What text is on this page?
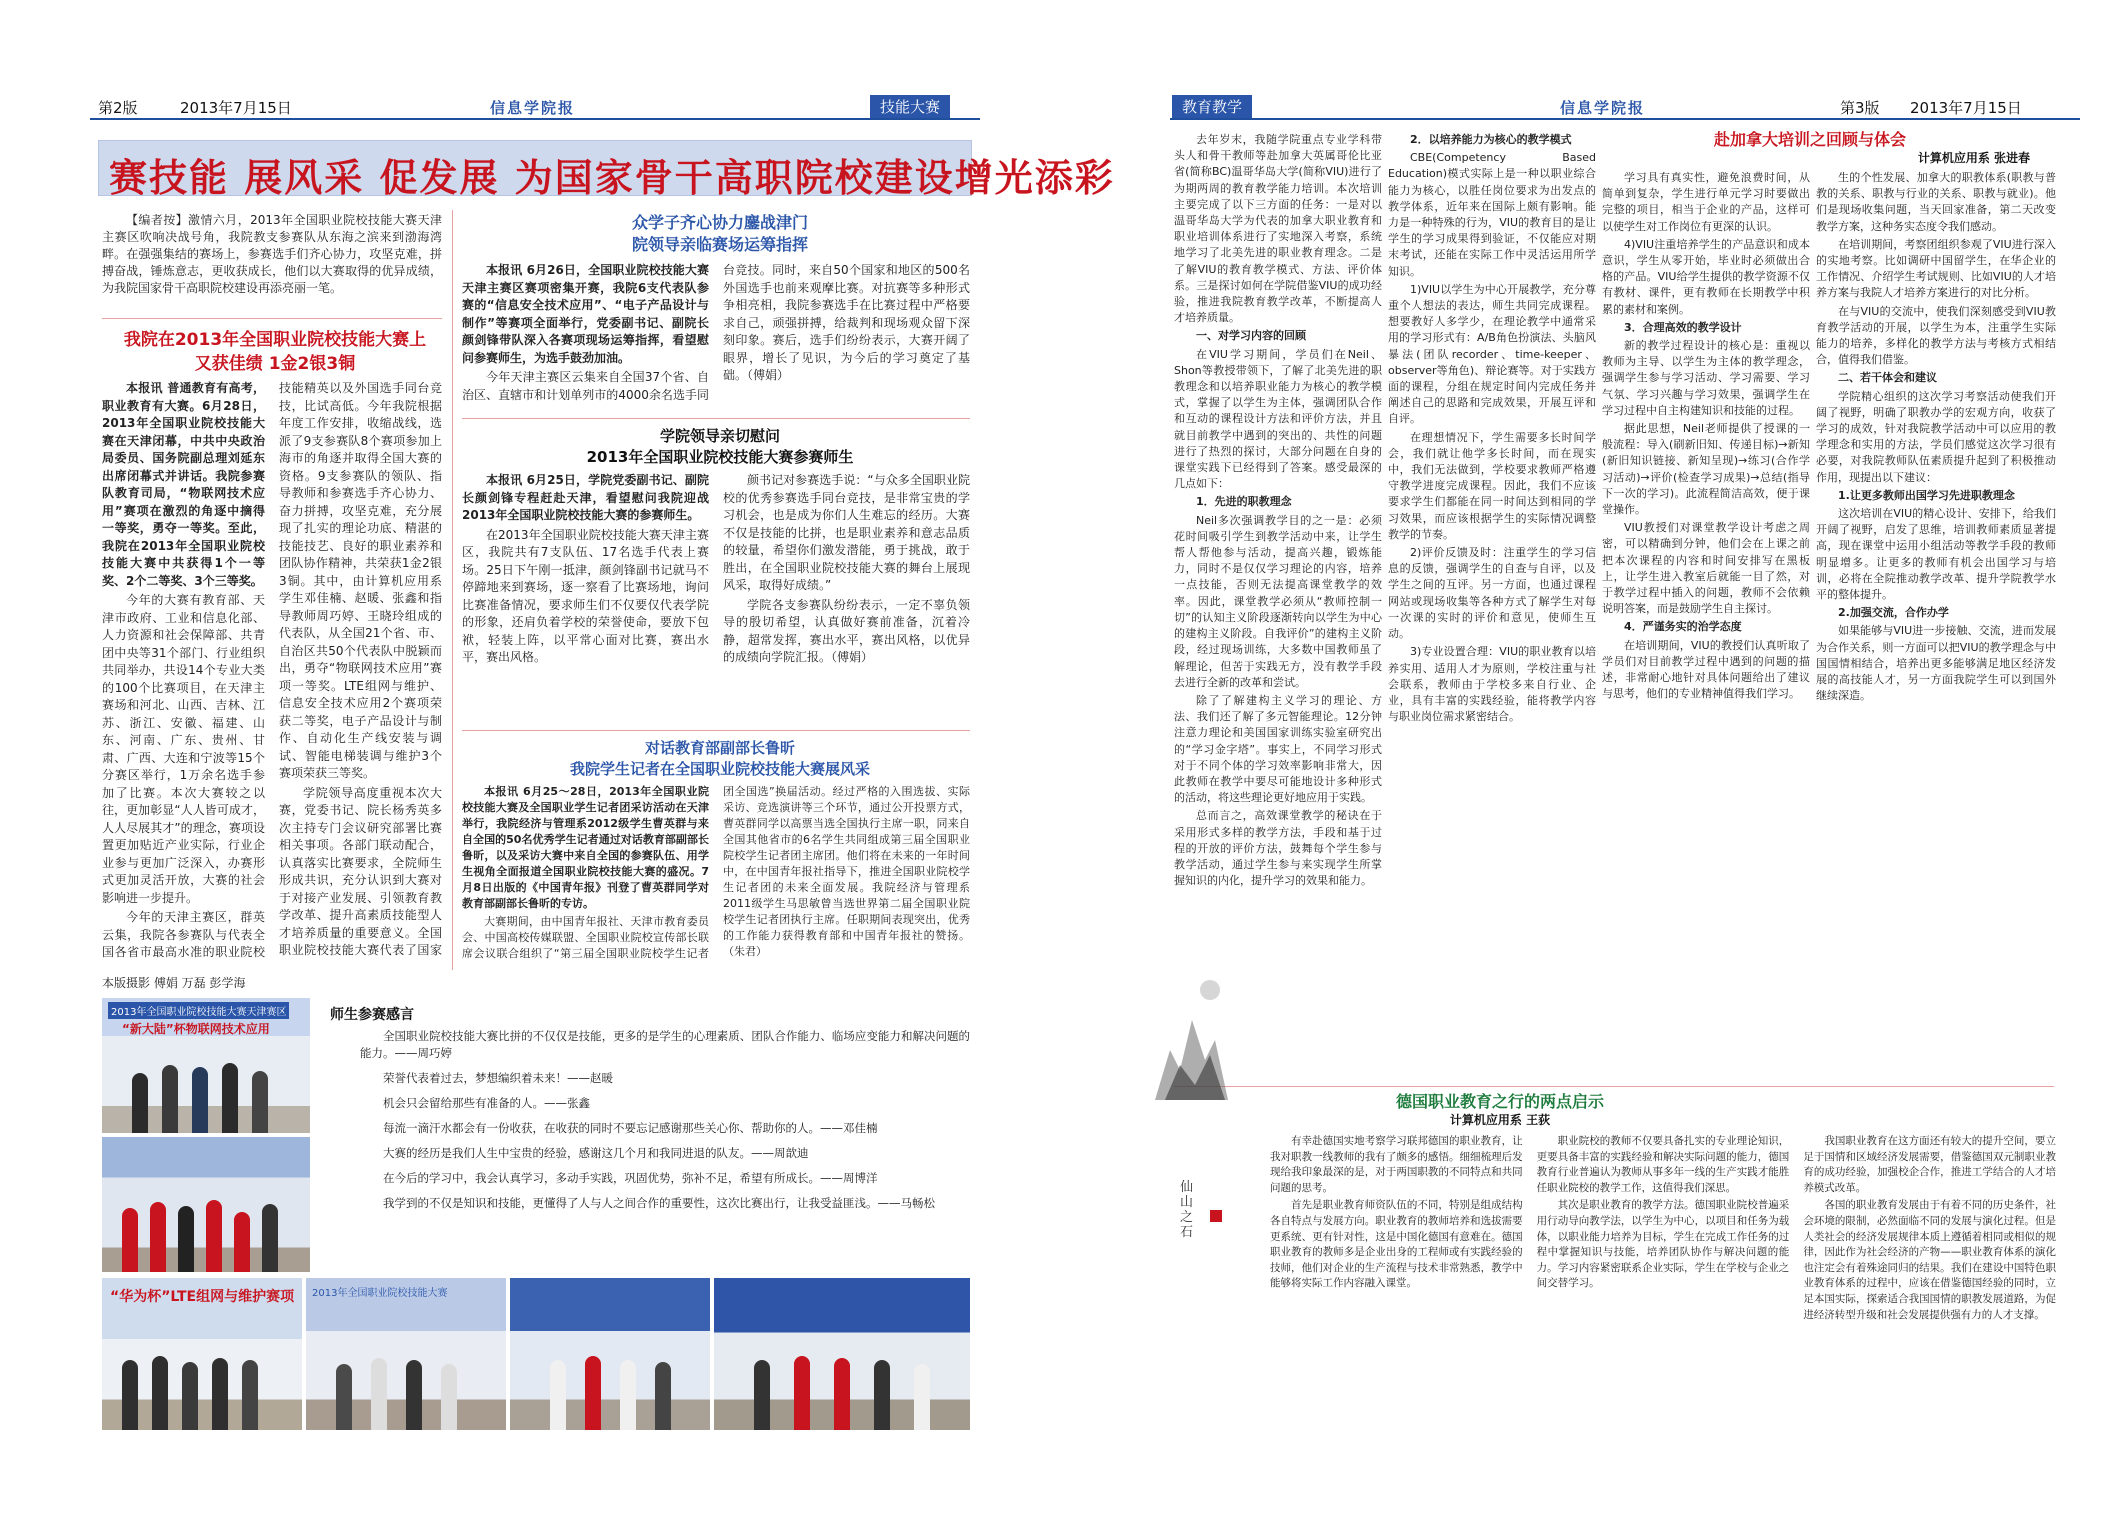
第2版	2013年7月15日	信息学院报	技能大赛
赛技能 展风采 促发展 为国家骨干高职院校建设增光添彩

【编者按】激情六月，2013年全国职业院校技能大赛天津主赛区吹响决战号角，我院教支参赛队从东海之滨来到渤海湾畔。在强强集结的赛场上，参赛选手们齐心协力，攻坚克难，拼搏奋战，锤炼意志，更收获成长，他们以大赛取得的优异成绩，为我院国家骨干高职院校建设再添亮丽一笔。

我院在2013年全国职业院校技能大赛上
又获佳绩 1金2银3铜

本报讯 普通教育有高考，职业教育有大赛。6月28日，2013年全国职业院校技能大赛在天津闭幕，中共中央政治局委员、国务院副总理刘延东出席闭幕式并讲话。我院参赛队教育司局，“物联网技术应用”赛项在激烈的角逐中摘得一等奖，勇夺一等奖。至此，我院在2013年全国职业院校技能大赛中共获得1个一等奖、2个二等奖、3个三等奖。

今年的大赛有教育部、天津市政府、工业和信息化部、人力资源和社会保障部、共青团中央等31个部门、行业组织共同举办，共设14个专业大类的100个比赛项目，在天津主赛场和河北、山西、吉林、江苏、浙江、安徽、福建、山东、河南、广东、贵州、甘肃、广西、大连和宁波等15个分赛区举行，1万余名选手参加了比赛。本次大赛较之以往，更加彰显“人人皆可成才，人人尽展其才”的理念，赛项设置更加贴近产业实际，行业企业参与更加广泛深入，办赛形式更加灵活开放，大赛的社会影响进一步提升。

今年的天津主赛区，群英云集，我院各参赛队与代表全国各省市最高水准的职业院校技能精英以及外国选手同台竞技，比试高低。今年我院根据年度工作安排，收缩战线，选派了9支参赛队8个赛项参加上海市的角逐并取得全国大赛的资格。9支参赛队的领队、指导教师和参赛选手齐心协力、奋力拼搏，攻坚克难，充分展现了扎实的理论功底、精湛的技能技艺、良好的职业素养和团队协作精神，共荣获1金2银3铜。其中，由计算机应用系学生邓佳楠、赵暖、张鑫和指导教师周巧婷、王晓玲组成的代表队，从全国21个省、市、自治区共50个代表队中脱颖而出，勇夺“物联网技术应用”赛项一等奖。LTE组网与维护、信息安全技术应用2个赛项荣获二等奖，电子产品设计与制作、自动化生产线安装与调试、智能电梯装调与维护3个赛项荣获三等奖。

学院领导高度重视本次大赛，党委书记、院长杨秀英多次主持专门会议研究部署比赛相关事项。各部门联动配合，认真落实比赛要求，全院师生形成共识，充分认识到大赛对于对接产业发展、引领教育教学改革、提升高素质技能型人才培养质量的重要意义。全国职业院校技能大赛代表了国家

众学子齐心协力鏖战津门
院领导亲临赛场运筹指挥

本报讯 6月26日，全国职业院校技能大赛天津主赛区赛项密集开赛，我院6支代表队参赛的“信息安全技术应用”、“电子产品设计与制作”等赛项全面举行，党委副书记、副院长颜剑锋带队深入各赛项现场运筹指挥，看望慰问参赛师生，为选手鼓劲加油。

今年天津主赛区云集来自全国37个省、自治区、直辖市和计划单列市的4000余名选手同台竞技。同时，来自50个国家和地区的500名外国选手也前来观摩比赛。对抗赛等多种形式争相亮相，我院参赛选手在比赛过程中严格要求自己，顽强拼搏，给裁判和现场观众留下深刻印象。赛后，选手们纷纷表示，大赛开阔了眼界，增长了见识，为今后的学习奠定了基础。（傅娟）

学院领导亲切慰问
2013年全国职业院校技能大赛参赛师生

本报讯 6月25日，学院党委副书记、副院长颜剑锋专程赶赴天津，看望慰问我院迎战2013年全国职业院校技能大赛的参赛师生。

在2013年全国职业院校技能大赛天津主赛区，我院共有7支队伍、17名选手代表上赛场。25日下午刚一抵津，颜剑锋副书记就马不停蹄地来到赛场，逐一察看了比赛场地，询问比赛准备情况，要求师生们不仅要仅代表学院的形象，还肩负着学校的荣誉使命，要放下包袱，轻装上阵，以平常心面对比赛，赛出水平，赛出风格。

颜书记对参赛选手说：“与众多全国职业院校的优秀参赛选手同台竞技，是非常宝贵的学习机会，也是成为你们人生难忘的经历。大赛不仅是技能的比拼，也是职业素养和意志品质的较量，希望你们激发潜能，勇于挑战，敢于胜出，在全国职业院校技能大赛的舞台上展现风采，取得好成绩。”

学院各支参赛队纷纷表示，一定不辜负领导的殷切希望，认真做好赛前准备，沉着冷静，超常发挥，赛出水平，赛出风格，以优异的成绩向学院汇报。（傅娟）

对话教育部副部长鲁昕
我院学生记者在全国职业院校技能大赛展风采

本报讯 6月25～28日，2013年全国职业院校技能大赛及全国职业学生记者团采访活动在天津举行，我院经济与管理系2012级学生曹英群与来自全国的50名优秀学生记者通过对话教育部副部长鲁昕，以及采访大赛中来自全国的参赛队伍、用学生视角全面报道全国职业院校技能大赛的盛况。7月8日出版的《中国青年报》刊登了曹英群同学对教育部副部长鲁昕的专访。

大赛期间，由中国青年报社、天津市教育委员会、中国高校传媒联盟、全国职业院校宣传部长联席会议联合组织了“第三届全国职业院校学生记者团全国选”换届活动。经过严格的入围选拔、实际采访、竞选演讲等三个环节，通过公开投票方式，曹英群同学以高票当选全国执行主席一职，同来自全国其他省市的6名学生共同组成第三届全国职业院校学生记者团主席团。他们将在未来的一年时间中，在中国青年报社指导下，推进全国职业院校学生记者团的未来全面发展。我院经济与管理系2011级学生马思敏曾当选世界第二届全国职业院校学生记者团执行主席。任职期间表现突出，优秀的工作能力获得教育部和中国青年报社的赞扬。（朱君）

本版摄影 傅娟 万磊 彭学海
2013年全国职业院校技能大赛天津赛区
“新大陆”杯物联网技术应用
师生参赛感言

全国职业院校技能大赛比拼的不仅仅是技能，更多的是学生的心理素质、团队合作能力、临场应变能力和解决问题的能力。——周巧婷

荣誉代表着过去，梦想编织着未来！——赵暖

机会只会留给那些有准备的人。——张鑫

每流一滴汗水都会有一份收获，在收获的同时不要忘记感谢那些关心你、帮助你的人。——邓佳楠

大赛的经历是我们人生中宝贵的经验，感谢这几个月和我同进退的队友。——周歆迪

在今后的学习中，我会认真学习，多动手实践，巩固优势，弥补不足，希望有所成长。——周博洋

我学到的不仅是知识和技能，更懂得了人与人之间合作的重要性，这次比赛出行，让我受益匪浅。——马畅松

“华为杯”LTE组网与维护赛项 2013年全国职业院校技能大赛
教育教学	信息学院报	第3版 2013年7月15日

去年岁末，我随学院重点专业学科带头人和骨干教师等赴加拿大英属哥伦比亚省(简称BC)温哥华岛大学(简称VIU)进行了为期两周的教育教学能力培训。本次培训主要完成了以下三方面的任务：一是对以温哥华岛大学为代表的加拿大职业教育和职业培训体系进行了实地深入考察，系统地学习了北美先进的职业教育理念。二是了解VIU的教育教学模式、方法、评价体系。三是探讨如何在学院借鉴VIU的成功经验，推进我院教育教学改革，不断提高人才培养质量。

一、对学习内容的回顾

在VIU学习期间，学员们在Neil、Shon等教授带领下，了解了北美先进的职教理念和以培养职业能力为核心的教学模式，掌握了以学生为主体，强调团队合作和互动的课程设计方法和评价方法，并且就目前教学中遇到的突出的、共性的问题进行了热烈的探讨，大部分问题在自身的课堂实践下已经得到了答案。感受最深的几点如下：

1．先进的职教理念

Neil多次强调教学目的之一是：必须花时间吸引学生到教学活动中来，让学生帮人帮他参与活动，提高兴趣，锻炼能力，同时不是仅仅学习理论的内容，培养一点技能，否则无法提高课堂教学的效率。因此，课堂教学必须从“教师控制一切”的认知主义阶段逐渐转向以学生为中心的建构主义阶段。自我评价”的建构主义阶段，经过现场训练，大多数中国教师虽了解理论，但苦于实践无方，没有教学手段去进行全新的改革和尝试。

除了了解建构主义学习的理论、方法、我们还了解了多元智能理论。12分钟注意力理论和美国国家训练实验室研究出的“学习金字塔”。事实上，不同学习形式对于不同个体的学习效率影响非常大，因此教师在教学中要尽可能地设计多种形式的活动，将这些理论更好地应用于实践。

总而言之，高效课堂教学的秘诀在于采用形式多样的教学方法，手段和基于过程的开放的评价方法，鼓舞每个学生参与教学活动，通过学生参与来实现学生所掌握知识的内化，提升学习的效果和能力。

2．以培养能力为核心的教学模式

CBE(Competency Based Education)模式实际上是一种以职业综合能力为核心，以胜任岗位要求为出发点的教学体系，近年来在国际上颇有影响。能力是一种特殊的行为，VIU的教育目的是让学生的学习成果得到验证，不仅能应对期末考试，还能在实际工作中灵活运用所学知识。

1)VIU以学生为中心开展教学，充分尊重个人想法的表达，师生共同完成课程。想要教好人多学少，在理论教学中通常采用的学习形式有：A/B角色扮演法、头脑风暴法(团队recorder、time-keeper、observer等角色)、辩论赛等。对于实践方面的课程，分组在规定时间内完成任务并阐述自己的思路和完成效果，开展互评和自评。

在理想情况下，学生需要多长时间学会，我们就让他学多长时间，而在现实中，我们无法做到，学校要求教师严格遵守教学进度完成课程。因此，我们不应该要求学生们都能在同一时间达到相同的学习效果，而应该根据学生的实际情况调整教学的节奏。

2)评价反馈及时：注重学生的学习信息的反馈，强调学生的自查与自评，以及学生之间的互评。另一方面，也通过课程网站或现场收集等各种方式了解学生对每一次课的实时的评价和意见，使师生互动。

3)专业设置合理：VIU的职业教育以培养实用、适用人才为原则，学校注重与社会联系，教师由于学校多来自行业、企业，具有丰富的实践经验，能将教学内容与职业岗位需求紧密结合。

学习具有真实性，避免浪费时间，从简单到复杂，学生进行单元学习时要做出完整的项目，相当于企业的产品，这样可以使学生对工作岗位有更深的认识。

4)VIU注重培养学生的产品意识和成本意识，学生从零开始，毕业时必须做出合格的产品。VIU给学生提供的教学资源不仅有教材、课件，更有教师在长期教学中积累的素材和案例。

3．合理高效的教学设计

新的教学过程设计的核心是：重视以教师为主导、以学生为主体的教学理念，强调学生参与学习活动、学习需要、学习气氛、学习兴趣与学习效果，强调学生在学习过程中自主构建知识和技能的过程。

据此思想，Neil老师提供了授课的一般流程：导入(刷新旧知、传递目标)→新知(新旧知识链接、新知呈现)→练习(合作学习活动)→评价(检查学习成果)→总结(指导下一次的学习)。此流程简洁高效，便于课堂操作。

VIU教授们对课堂教学设计考虑之周密，可以精确到分钟，他们会在上课之前把本次课程的内容和时间安排写在黑板上，让学生进入教室后就能一目了然，对于教学过程中插入的问题，教师不会依赖说明答案，而是鼓励学生自主探讨。

4．严谨务实的治学态度

在培训期间，VIU的教授们认真听取了学员们对目前教学过程中遇到的问题的描述，非常耐心地针对具体问题给出了建议与思考，他们的专业精神值得我们学习。

赴加拿大培训之回顾与体会
计算机应用系 张进春

生的个性发展、加拿大的职教体系(职教与普教的关系、职教与行业的关系、职教与就业)。他们是现场收集问题，当天回家准备，第二天改变教学方案，这种务实态度令我们感动。

在培训期间，考察团组织参观了VIU进行深入的实地考察。比如调研中国留学生，在华企业的工作情况、介绍学生考试规则、比如VIU的人才培养方案与我院人才培养方案进行的对比分析。

在与VIU的交流中，使我们深刻感受到VIU教育教学活动的开展，以学生为本，注重学生实际能力的培养，多样化的教学方法与考核方式相结合，值得我们借鉴。

二、若干体会和建议

学院精心组织的这次学习考察活动使我们开阔了视野，明确了职教办学的宏观方向，收获了学习的成效，针对我院教学活动中可以应用的教学理念和实用的方法，学员们感觉这次学习很有必要，对我院教师队伍素质提升起到了积极推动作用，现提出以下建议：

1.让更多教师出国学习先进职教理念

这次培训在VIU的精心设计、安排下，给我们开阔了视野，启发了思维，培训教师素质显著提高，现在课堂中运用小组活动等教学手段的教师明显增多。让更多的教师有机会出国学习与培训，必将在全院推动教学改革、提升学院教学水平的整体提升。

2.加强交流，合作办学

如果能够与VIU进一步接触、交流，进而发展为合作关系，则一方面可以把VIU的教学理念与中国国情相结合，培养出更多能够满足地区经济发展的高技能人才，另一方面我院学生可以到国外继续深造。

仙山之石
德国职业教育之行的两点启示
计算机应用系 王荻

有幸赴德国实地考察学习联邦德国的职业教育，让我对职教一线教师的我有了颇多的感悟。细细梳理后发现给我印象最深的是，对于两国职教的不同特点和共同问题的思考。

首先是职业教育师资队伍的不同，特别是组成结构各自特点与发展方向。职业教育的教师培养和选拔需要更系统、更有针对性，这是中国化德国有意难在。德国职业教育的教师多是企业出身的工程师或有实践经验的技师，他们对企业的生产流程与技术非常熟悉，教学中能够将实际工作内容融入课堂。

职业院校的教师不仅要具备扎实的专业理论知识，更要具备丰富的实践经验和解决实际问题的能力，德国教育行业普遍认为教师从事多年一线的生产实践才能胜任职业院校的教学工作，这值得我们深思。

其次是职业教育的教学方法。德国职业院校普遍采用行动导向教学法，以学生为中心，以项目和任务为载体，以职业能力培养为目标，学生在完成工作任务的过程中掌握知识与技能，培养团队协作与解决问题的能力。学习内容紧密联系企业实际，学生在学校与企业之间交替学习。

我国职业教育在这方面还有较大的提升空间，要立足于国情和区域经济发展需要，借鉴德国双元制职业教育的成功经验，加强校企合作，推进工学结合的人才培养模式改革。

各国的职业教育发展由于有着不同的历史条件，社会环境的限制，必然面临不同的发展与演化过程。但是人类社会的经济发展规律本质上遵循着相同或相似的规律，因此作为社会经济的产物——职业教育体系的演化也注定会有着殊途同归的结果。我们在建设中国特色职业教育体系的过程中，应该在借鉴德国经验的同时，立足本国实际，探索适合我国国情的职教发展道路，为促进经济转型升级和社会发展提供强有力的人才支撑。
